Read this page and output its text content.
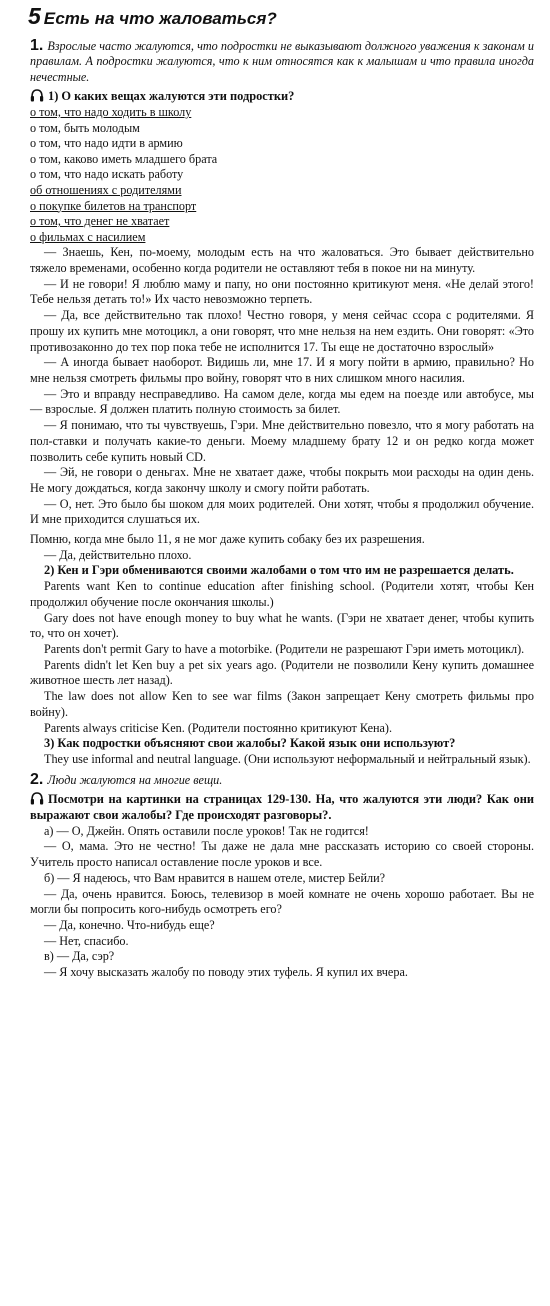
5 Есть на что жаловаться?

1. Взрослые часто жалуются, что подростки не выказывают должного уважения к законам и правилам. А подростки жалуются, что к ним относятся как к малышам и что правила иногда нечестные.

1) О каких вещах жалуются эти подростки?

о том, что надо ходить в школу
о том, быть молодым
о том, что надо идти в армию
о том, каково иметь младшего брата
о том, что надо искать работу
об отношениях с родителями
о покупке билетов на транспорт
о том, что денег не хватает
о фильмах с насилием

— Знаешь, Кен, по-моему, молодым есть на что жаловаться. Это бывает действительно тяжело временами, особенно когда родители не оставляют тебя в покое ни на минуту.

— И не говори! Я люблю маму и папу, но они постоянно критикуют меня. «Не делай этого! Тебе нельзя детать то!» Их часто невозможно терпеть.

— Да, все действительно так плохо! Честно говоря, у меня сейчас ссора с родителями. Я прошу их купить мне мотоцикл, а они говорят, что мне нельзя на нем ездить. Они говорят: «Это противозаконно до тех пор пока тебе не исполнится 17. Ты еще не достаточно взрослый»

— А иногда бывает наоборот. Видишь ли, мне 17. И я могу пойти в армию, правильно? Но мне нельзя смотреть фильмы про войну, говорят что в них слишком много насилия.

— Это и вправду несправедливо. На самом деле, когда мы едем на поезде или автобусе, мы — взрослые. Я должен платить полную стоимость за билет.

— Я понимаю, что ты чувствуешь, Гэри. Мне действительно повезло, что я могу работать на пол-ставки и получать какие-то деньги. Моему младшему брату 12 и он редко когда может позволить себе купить новый CD.

— Эй, не говори о деньгах. Мне не хватает даже, чтобы покрыть мои расходы на один день. Не могу дождаться, когда закончу школу и смогу пойти работать.

— О, нет. Это было бы шоком для моих родителей. Они хотят, чтобы я продолжил обучение. И мне приходится слушаться их.

Помню, когда мне было 11, я не мог даже купить собаку без их разрешения.

— Да, действительно плохо.

2) Кен и Гэри обмениваются своими жалобами о том что им не разрешается делать.

Parents want Ken to continue education after finishing school. (Родители хотят, чтобы Кен продолжил обучение после окончания школы.)

Gary does not have enough money to buy what he wants. (Гэри не хватает денег, чтобы купить то, что он хочет).

Parents don't permit Gary to have a motorbike. (Родители не разрешают Гэри иметь мотоцикл).

Parents didn't let Ken buy a pet six years ago. (Родители не позволили Кену купить домашнее животное шесть лет назад).

The law does not allow Ken to see war films (Закон запрещает Кену смотреть фильмы про войну).

Parents always criticise Ken. (Родители постоянно критикуют Кена).

3) Как подростки объясняют свои жалобы? Какой язык они используют?

They use informal and neutral language. (Они используют неформальный и нейтральный язык).

2. Люди жалуются на многие вещи.

Посмотри на картинки на страницах 129-130. На, что жалуются эти люди? Как они выражают свои жалобы? Где происходят разговоры?.

а) — О, Джейн. Опять оставили после уроков! Так не годится!

— О, мама. Это не честно! Ты даже не дала мне рассказать историю со своей стороны. Учитель просто написал оставление после уроков и все.

б) — Я надеюсь, что Вам нравится в нашем отеле, мистер Бейли?

— Да, очень нравится. Боюсь, телевизор в моей комнате не очень хорошо работает. Вы не могли бы попросить кого-нибудь осмотреть его?

— Да, конечно. Что-нибудь еще?

— Нет, спасибо.

в) — Да, сэр?

— Я хочу высказать жалобу по поводу этих туфель. Я купил их вчера.
